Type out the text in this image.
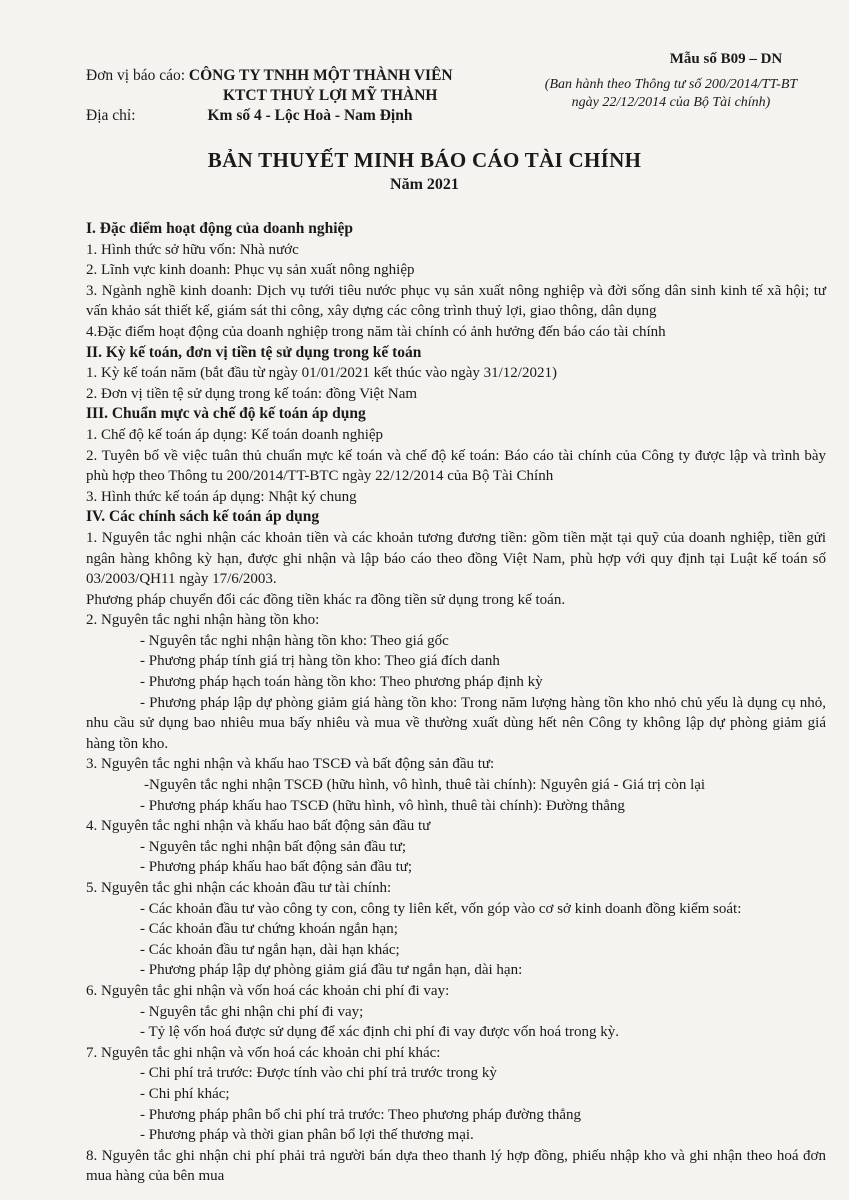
Đơn vị báo cáo: CÔNG TY TNHH MỘT THÀNH VIÊN
KTCT THUỶ LỢI MỸ THÀNH
Địa chỉ:	Km số 4 - Lộc Hoà - Nam Định
Mẫu số B09 – DN
(Ban hành theo Thông tư số 200/2014/TT-BT
ngày 22/12/2014 của Bộ Tài chính)
BẢN THUYẾT MINH BÁO CÁO TÀI CHÍNH
Năm 2021

I. Đặc điểm hoạt động của doanh nghiệp

1. Hình thức sở hữu vốn: Nhà nước

2. Lĩnh vực kinh doanh: Phục vụ sản xuất nông nghiệp

3. Ngành nghề kinh doanh: Dịch vụ tưới tiêu nước phục vụ sản xuất nông nghiệp và đời sống dân sinh kinh tế xã hội; tư vấn khảo sát thiết kế, giám sát thi công, xây dựng các công trình thuỷ lợi, giao thông, dân dụng

4.Đặc điểm hoạt động của doanh nghiệp trong năm tài chính có ảnh hưởng đến báo cáo tài chính

II. Kỳ kế toán, đơn vị tiền tệ sử dụng trong kế toán

1. Kỳ kế toán năm (bắt đầu từ ngày 01/01/2021 kết thúc vào ngày 31/12/2021)

2. Đơn vị tiền tệ sử dụng trong kế toán: đồng Việt Nam

III. Chuẩn mực và chế độ kế toán áp dụng

1. Chế độ kế toán áp dụng: Kế toán doanh nghiệp

2. Tuyên bố về việc tuân thủ chuẩn mực kế toán và chế độ kế toán: Báo cáo tài chính của Công ty được lập và trình bày phù hợp theo Thông tu 200/2014/TT-BTC ngày 22/12/2014 của Bộ Tài Chính

3. Hình thức kế toán áp dụng: Nhật ký chung

IV. Các chính sách kế toán áp dụng

1. Nguyên tắc nghi nhận các khoản tiền và các khoản tương đương tiền: gồm tiền mặt tại quỹ của doanh nghiệp, tiền gửi ngân hàng không kỳ hạn, được ghi nhận và lập báo cáo theo đồng Việt Nam, phù hợp với quy định tại Luật kế toán số 03/2003/QH11 ngày 17/6/2003.

Phương pháp chuyển đổi các đồng tiền khác ra đồng tiền sử dụng trong kế toán.

2. Nguyên tắc nghi nhận hàng tồn kho:

- Nguyên tắc nghi nhận hàng tồn kho: Theo giá gốc

- Phương pháp tính giá trị hàng tồn kho: Theo giá đích danh

- Phương pháp hạch toán hàng tồn kho: Theo phương pháp định kỳ

- Phương pháp lập dự phòng giảm giá hàng tồn kho: Trong năm lượng hàng tồn kho nhỏ chủ yếu là dụng cụ nhỏ, nhu cầu sử dụng bao nhiêu mua bấy nhiêu và mua về thường xuất dùng hết nên Công ty không lập dự phòng giảm giá hàng tồn kho.

3. Nguyên tắc nghi nhận và khấu hao TSCĐ và bất động sản đầu tư:

-Nguyên tắc nghi nhận TSCĐ (hữu hình, vô hình, thuê tài chính): Nguyên giá - Giá trị còn lại

- Phương pháp khấu hao TSCĐ (hữu hình, vô hình, thuê tài chính): Đường thẳng

4. Nguyên tắc nghi nhận và khấu hao bất động sản đầu tư

- Nguyên tắc nghi nhận bất động sản đầu tư;

- Phương pháp khấu hao bất động sản đầu tư;

5. Nguyên tắc ghi nhận các khoản đầu tư tài chính:

- Các khoản đầu tư vào công ty con, công ty liên kết, vốn góp vào cơ sở kinh doanh đồng kiểm soát:

- Các khoản đầu tư chứng khoán ngắn hạn;

- Các khoản đầu tư ngắn hạn, dài hạn khác;

- Phương pháp lập dự phòng giảm giá đầu tư ngắn hạn, dài hạn:

6. Nguyên tắc ghi nhận và vốn hoá các khoản chi phí đi vay:

- Nguyên tắc ghi nhận chi phí đi vay;

- Tỷ lệ vốn hoá được sử dụng để xác định chi phí đi vay được vốn hoá trong kỳ.

7. Nguyên tắc ghi nhận và vốn hoá các khoản chi phí khác:

- Chi phí trả trước: Được tính vào chi phí trả trước trong kỳ

- Chi phí khác;

- Phương pháp phân bổ chi phí trả trước: Theo phương pháp đường thẳng

- Phương pháp và thời gian phân bổ lợi thế thương mại.

8. Nguyên tắc ghi nhận chi phí phải trả người bán dựa theo thanh lý hợp đồng, phiếu nhập kho và ghi nhận theo hoá đơn mua hàng của bên mua
